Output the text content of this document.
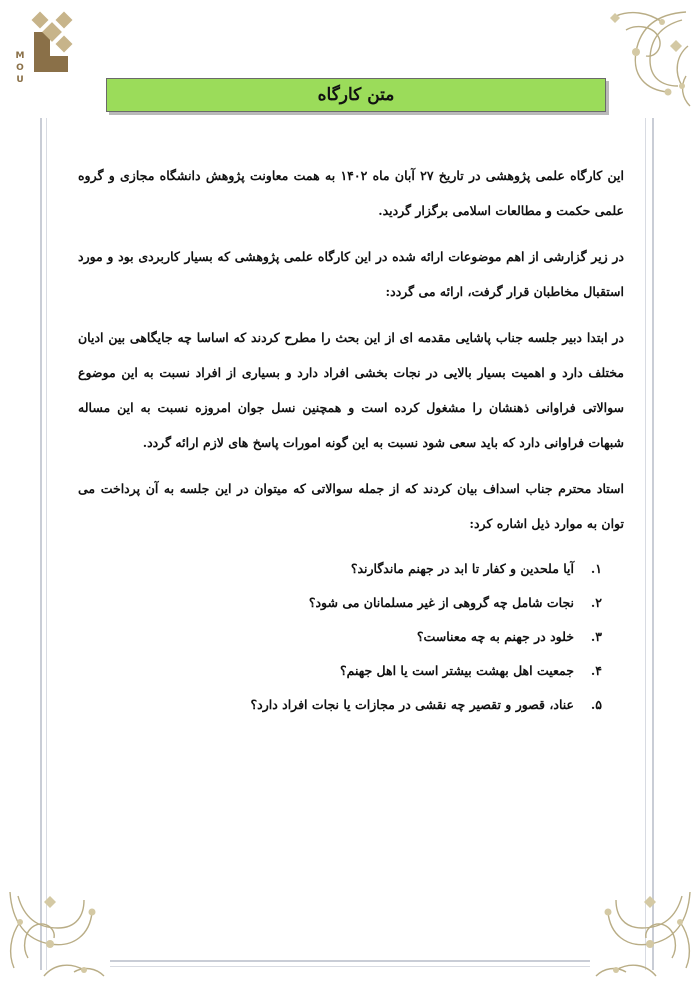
M
O
U
متن کارگاه

این کارگاه علمی پژوهشی در تاریخ ۲۷ آبان ماه ۱۴۰۲ به همت معاونت پژوهش دانشگاه مجازی و گروه علمی حکمت و مطالعات اسلامی برگزار گردید.

در زیر گزارشی از اهم موضوعات ارائه شده در این کارگاه علمی پژوهشی که بسیار کاربردی بود و مورد استقبال مخاطبان قرار گرفت، ارائه می گردد:

در ابتدا دبیر جلسه جناب پاشایی مقدمه ای از این بحث را مطرح کردند که اساسا چه جایگاهی بین ادیان مختلف دارد و اهمیت بسیار بالایی در نجات بخشی افراد دارد و بسیاری از افراد نسبت به این موضوع سوالاتی فراوانی ذهنشان را مشغول کرده است و همچنین نسل جوان امروزه نسبت به این مساله شبهات فراوانی دارد که باید سعی شود نسبت به این گونه امورات پاسخ های لازم ارائه گردد.

استاد محترم جناب اسداف بیان کردند که از جمله سوالاتی که میتوان در این جلسه به آن پرداخت می توان به موارد ذیل اشاره کرد:

۱.
آیا ملحدین و کفار تا ابد در جهنم ماندگارند؟
۲.
نجات شامل چه گروهی از غیر مسلمانان می شود؟
۳.
خلود در جهنم به چه معناست؟
۴.
جمعیت اهل بهشت بیشتر است یا اهل جهنم؟
۵.
عناد، قصور و تقصیر چه نقشی در مجازات یا نجات افراد دارد؟
